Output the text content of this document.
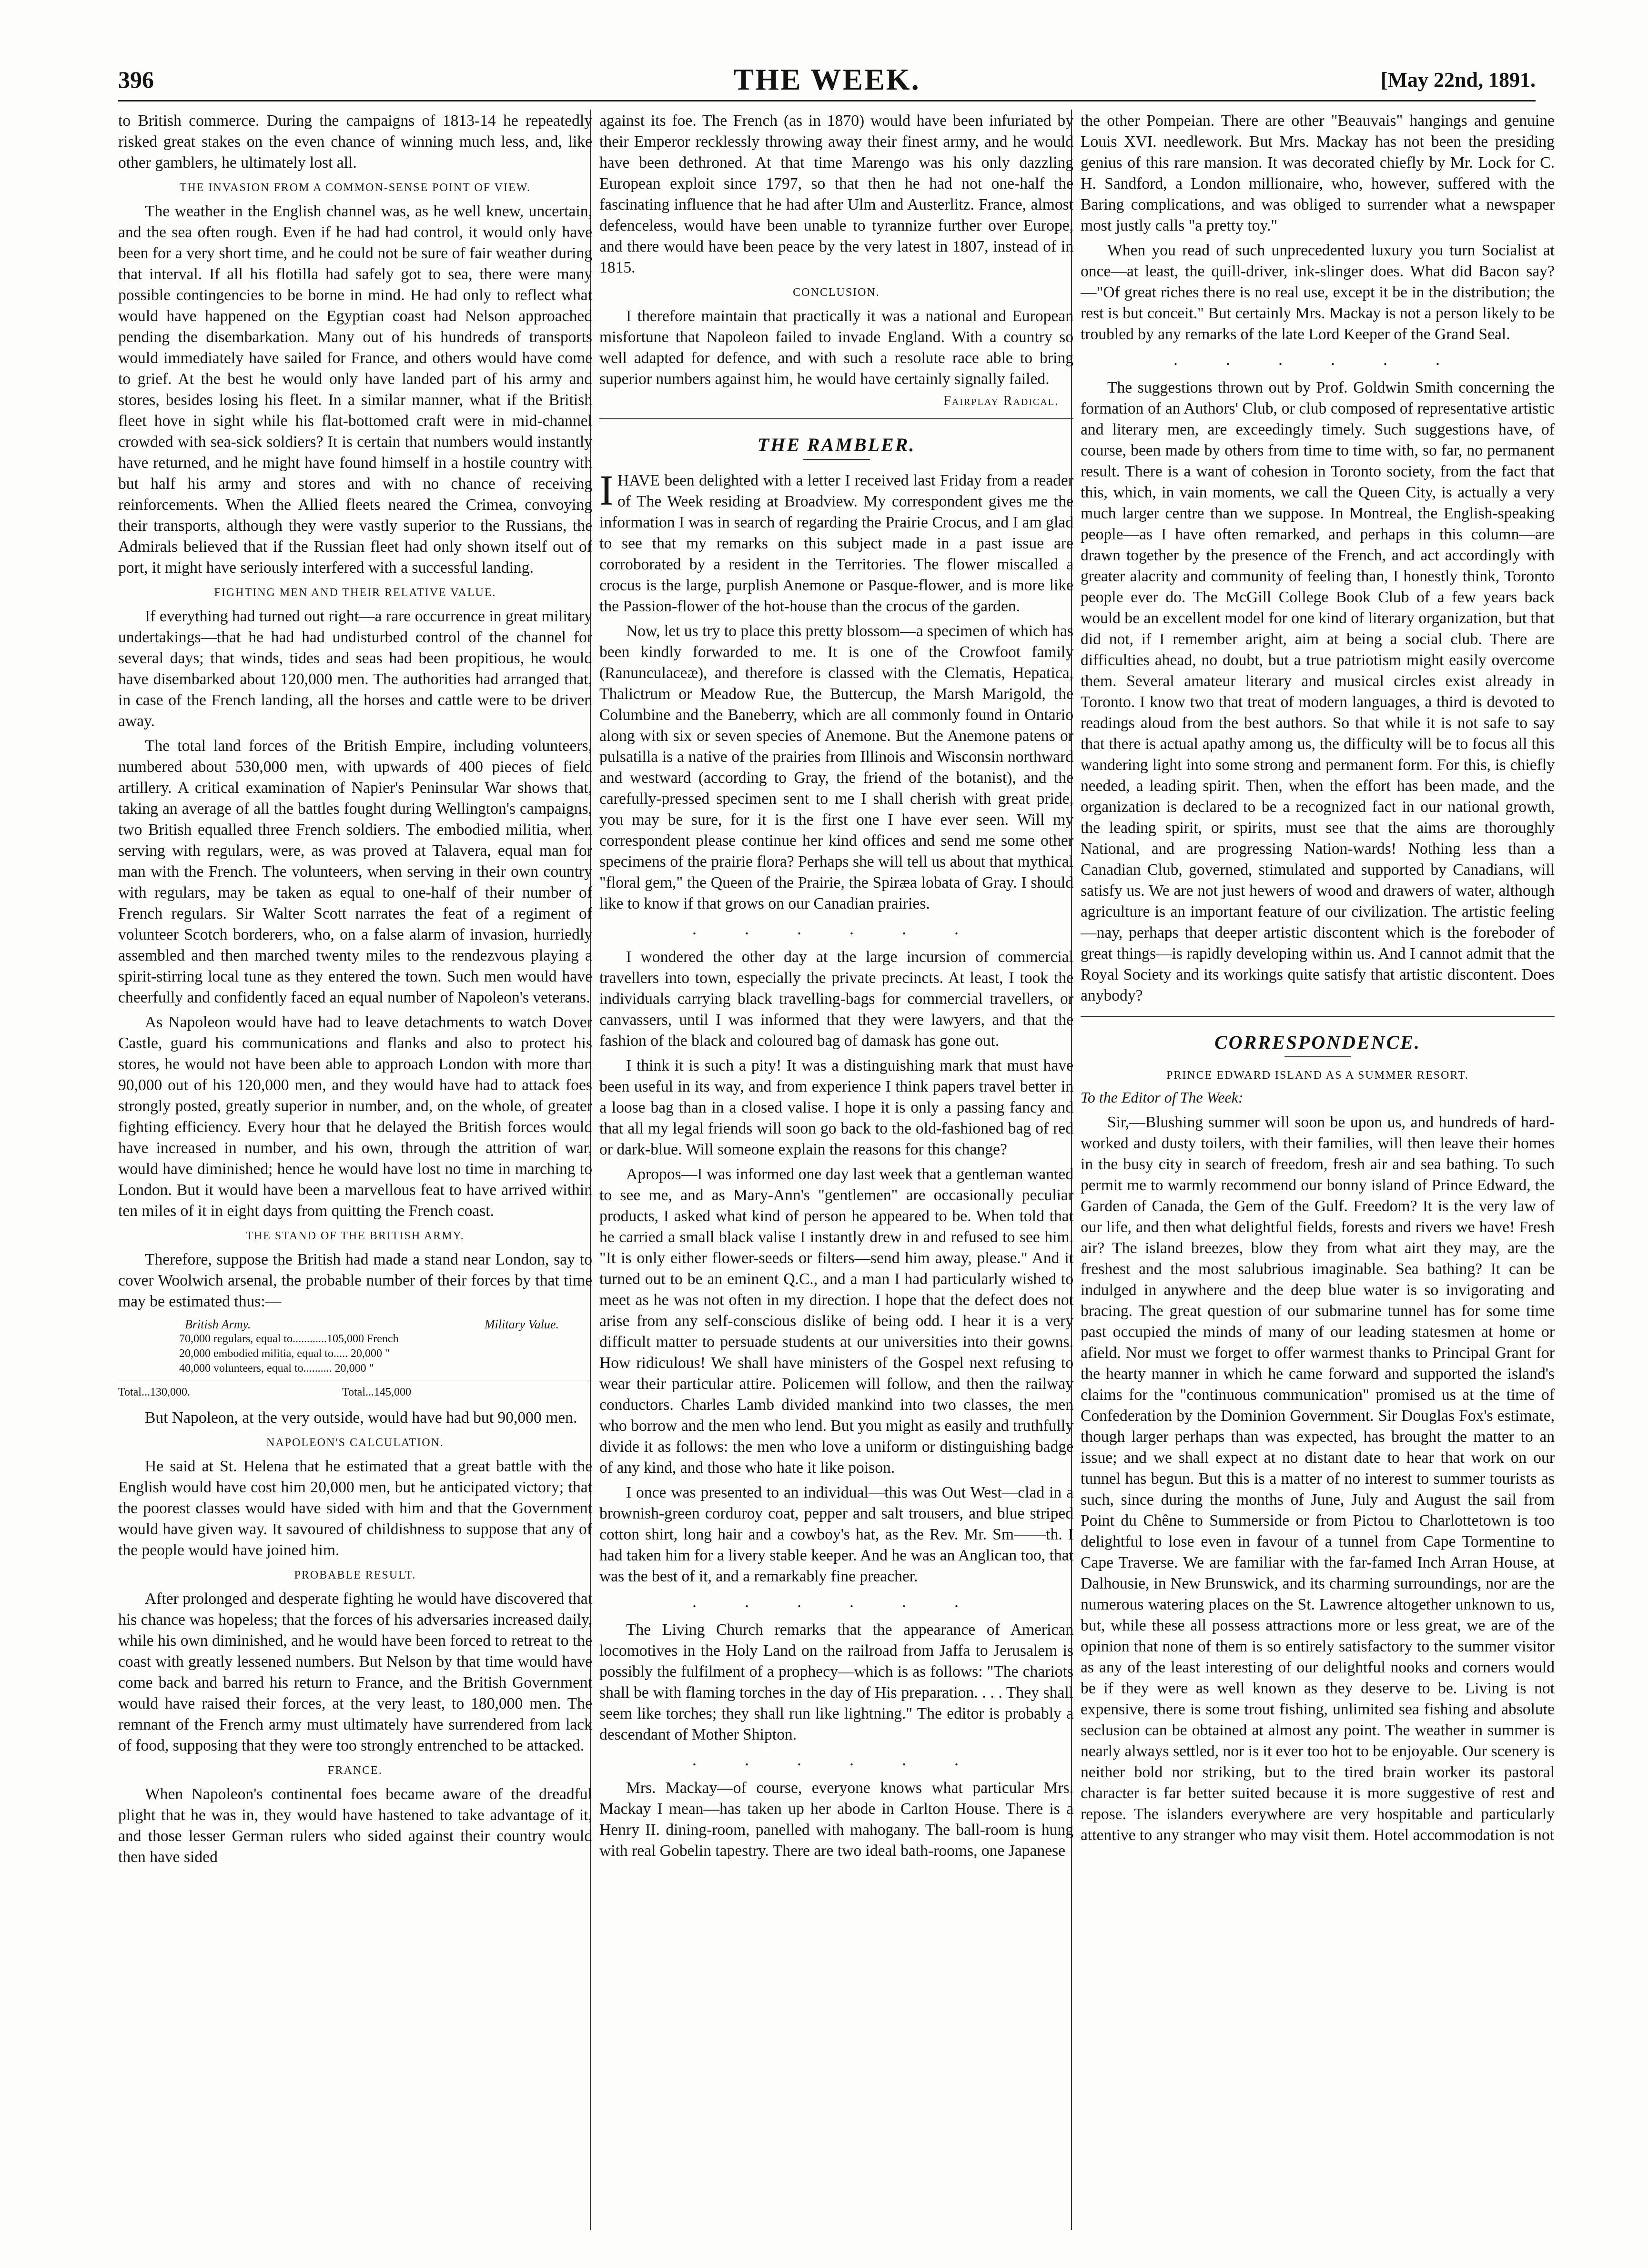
396	THE WEEK.	[May 22nd, 1891.

to British commerce. During the campaigns of 1813-14 he repeatedly risked great stakes on the even chance of winning much less, and, like other gamblers, he ultimately lost all.

THE INVASION FROM A COMMON-SENSE POINT OF VIEW.

The weather in the English channel was, as he well knew, uncertain, and the sea often rough. Even if he had had control, it would only have been for a very short time, and he could not be sure of fair weather during that interval. If all his flotilla had safely got to sea, there were many possible contingencies to be borne in mind. He had only to reflect what would have happened on the Egyptian coast had Nelson approached pending the disembarkation. Many out of his hundreds of transports would immediately have sailed for France, and others would have come to grief. At the best he would only have landed part of his army and stores, besides losing his fleet. In a similar manner, what if the British fleet hove in sight while his flat-bottomed craft were in mid-channel crowded with sea-sick soldiers? It is certain that numbers would instantly have returned, and he might have found himself in a hostile country with but half his army and stores and with no chance of receiving reinforcements. When the Allied fleets neared the Crimea, convoying their transports, although they were vastly superior to the Russians, the Admirals believed that if the Russian fleet had only shown itself out of port, it might have seriously interfered with a successful landing.

FIGHTING MEN AND THEIR RELATIVE VALUE.

If everything had turned out right—a rare occurrence in great military undertakings—that he had had undisturbed control of the channel for several days; that winds, tides and seas had been propitious, he would have disembarked about 120,000 men. The authorities had arranged that, in case of the French landing, all the horses and cattle were to be driven away.

The total land forces of the British Empire, including volunteers, numbered about 530,000 men, with upwards of 400 pieces of field artillery. A critical examination of Napier's Peninsular War shows that, taking an average of all the battles fought during Wellington's campaigns, two British equalled three French soldiers. The embodied militia, when serving with regulars, were, as was proved at Talavera, equal man for man with the French. The volunteers, when serving in their own country with regulars, may be taken as equal to one-half of their number of French regulars. Sir Walter Scott narrates the feat of a regiment of volunteer Scotch borderers, who, on a false alarm of invasion, hurriedly assembled and then marched twenty miles to the rendezvous playing a spirit-stirring local tune as they entered the town. Such men would have cheerfully and confidently faced an equal number of Napoleon's veterans.

As Napoleon would have had to leave detachments to watch Dover Castle, guard his communications and flanks and also to protect his stores, he would not have been able to approach London with more than 90,000 out of his 120,000 men, and they would have had to attack foes strongly posted, greatly superior in number, and, on the whole, of greater fighting efficiency. Every hour that he delayed the British forces would have increased in number, and his own, through the attrition of war, would have diminished; hence he would have lost no time in marching to London. But it would have been a marvellous feat to have arrived within ten miles of it in eight days from quitting the French coast.

THE STAND OF THE BRITISH ARMY.

Therefore, suppose the British had made a stand near London, say to cover Woolwich arsenal, the probable number of their forces by that time may be estimated thus:—

British Army.	Military Value.
70,000 regulars, equal to............105,000 French
20,000 embodied militia, equal to..... 20,000 "
40,000 volunteers, equal to.......... 20,000 "
Total...130,000.	Total...145,000

But Napoleon, at the very outside, would have had but 90,000 men.

NAPOLEON'S CALCULATION.

He said at St. Helena that he estimated that a great battle with the English would have cost him 20,000 men, but he anticipated victory; that the poorest classes would have sided with him and that the Government would have given way. It savoured of childishness to suppose that any of the people would have joined him.

PROBABLE RESULT.

After prolonged and desperate fighting he would have discovered that his chance was hopeless; that the forces of his adversaries increased daily, while his own diminished, and he would have been forced to retreat to the coast with greatly lessened numbers. But Nelson by that time would have come back and barred his return to France, and the British Government would have raised their forces, at the very least, to 180,000 men. The remnant of the French army must ultimately have surrendered from lack of food, supposing that they were too strongly entrenched to be attacked.

FRANCE.

When Napoleon's continental foes became aware of the dreadful plight that he was in, they would have hastened to take advantage of it, and those lesser German rulers who sided against their country would then have sided

against its foe. The French (as in 1870) would have been infuriated by their Emperor recklessly throwing away their finest army, and he would have been dethroned. At that time Marengo was his only dazzling European exploit since 1797, so that then he had not one-half the fascinating influence that he had after Ulm and Austerlitz. France, almost defenceless, would have been unable to tyrannize further over Europe, and there would have been peace by the very latest in 1807, instead of in 1815.

CONCLUSION.

I therefore maintain that practically it was a national and European misfortune that Napoleon failed to invade England. With a country so well adapted for defence, and with such a resolute race able to bring superior numbers against him, he would have certainly signally failed.

Fairplay Radical.
THE RAMBLER.

IHAVE been delighted with a letter I received last Friday from a reader of The Week residing at Broadview. My correspondent gives me the information I was in search of regarding the Prairie Crocus, and I am glad to see that my remarks on this subject made in a past issue are corroborated by a resident in the Territories. The flower miscalled a crocus is the large, purplish Anemone or Pasque-flower, and is more like the Passion-flower of the hot-house than the crocus of the garden.

Now, let us try to place this pretty blossom—a specimen of which has been kindly forwarded to me. It is one of the Crowfoot family (Ranunculaceæ), and therefore is classed with the Clematis, Hepatica, Thalictrum or Meadow Rue, the Buttercup, the Marsh Marigold, the Columbine and the Baneberry, which are all commonly found in Ontario along with six or seven species of Anemone. But the Anemone patens or pulsatilla is a native of the prairies from Illinois and Wisconsin northward and westward (according to Gray, the friend of the botanist), and the carefully-pressed specimen sent to me I shall cherish with great pride, you may be sure, for it is the first one I have ever seen. Will my correspondent please continue her kind offices and send me some other specimens of the prairie flora? Perhaps she will tell us about that mythical "floral gem," the Queen of the Prairie, the Spiræa lobata of Gray. I should like to know if that grows on our Canadian prairies.

. . . . . .

I wondered the other day at the large incursion of commercial travellers into town, especially the private precincts. At least, I took the individuals carrying black travelling-bags for commercial travellers, or canvassers, until I was informed that they were lawyers, and that the fashion of the black and coloured bag of damask has gone out.

I think it is such a pity! It was a distinguishing mark that must have been useful in its way, and from experience I think papers travel better in a loose bag than in a closed valise. I hope it is only a passing fancy and that all my legal friends will soon go back to the old-fashioned bag of red or dark-blue. Will someone explain the reasons for this change?

Apropos—I was informed one day last week that a gentleman wanted to see me, and as Mary-Ann's "gentlemen" are occasionally peculiar products, I asked what kind of person he appeared to be. When told that he carried a small black valise I instantly drew in and refused to see him. "It is only either flower-seeds or filters—send him away, please." And it turned out to be an eminent Q.C., and a man I had particularly wished to meet as he was not often in my direction. I hope that the defect does not arise from any self-conscious dislike of being odd. I hear it is a very difficult matter to persuade students at our universities into their gowns. How ridiculous! We shall have ministers of the Gospel next refusing to wear their particular attire. Policemen will follow, and then the railway conductors. Charles Lamb divided mankind into two classes, the men who borrow and the men who lend. But you might as easily and truthfully divide it as follows: the men who love a uniform or distinguishing badge of any kind, and those who hate it like poison.

I once was presented to an individual—this was Out West—clad in a brownish-green corduroy coat, pepper and salt trousers, and blue striped cotton shirt, long hair and a cowboy's hat, as the Rev. Mr. Sm——th. I had taken him for a livery stable keeper. And he was an Anglican too, that was the best of it, and a remarkably fine preacher.

. . . . . .

The Living Church remarks that the appearance of American locomotives in the Holy Land on the railroad from Jaffa to Jerusalem is possibly the fulfilment of a prophecy—which is as follows: "The chariots shall be with flaming torches in the day of His preparation. . . . They shall seem like torches; they shall run like lightning." The editor is probably a descendant of Mother Shipton.

. . . . . .

Mrs. Mackay—of course, everyone knows what particular Mrs. Mackay I mean—has taken up her abode in Carlton House. There is a Henry II. dining-room, panelled with mahogany. The ball-room is hung with real Gobelin tapestry. There are two ideal bath-rooms, one Japanese

the other Pompeian. There are other "Beauvais" hangings and genuine Louis XVI. needlework. But Mrs. Mackay has not been the presiding genius of this rare mansion. It was decorated chiefly by Mr. Lock for C. H. Sandford, a London millionaire, who, however, suffered with the Baring complications, and was obliged to surrender what a newspaper most justly calls "a pretty toy."

When you read of such unprecedented luxury you turn Socialist at once—at least, the quill-driver, ink-slinger does. What did Bacon say?—"Of great riches there is no real use, except it be in the distribution; the rest is but conceit." But certainly Mrs. Mackay is not a person likely to be troubled by any remarks of the late Lord Keeper of the Grand Seal.

. . . . . .

The suggestions thrown out by Prof. Goldwin Smith concerning the formation of an Authors' Club, or club composed of representative artistic and literary men, are exceedingly timely. Such suggestions have, of course, been made by others from time to time with, so far, no permanent result. There is a want of cohesion in Toronto society, from the fact that this, which, in vain moments, we call the Queen City, is actually a very much larger centre than we suppose. In Montreal, the English-speaking people—as I have often remarked, and perhaps in this column—are drawn together by the presence of the French, and act accordingly with greater alacrity and community of feeling than, I honestly think, Toronto people ever do. The McGill College Book Club of a few years back would be an excellent model for one kind of literary organization, but that did not, if I remember aright, aim at being a social club. There are difficulties ahead, no doubt, but a true patriotism might easily overcome them. Several amateur literary and musical circles exist already in Toronto. I know two that treat of modern languages, a third is devoted to readings aloud from the best authors. So that while it is not safe to say that there is actual apathy among us, the difficulty will be to focus all this wandering light into some strong and permanent form. For this, is chiefly needed, a leading spirit. Then, when the effort has been made, and the organization is declared to be a recognized fact in our national growth, the leading spirit, or spirits, must see that the aims are thoroughly National, and are progressing Nation-wards! Nothing less than a Canadian Club, governed, stimulated and supported by Canadians, will satisfy us. We are not just hewers of wood and drawers of water, although agriculture is an important feature of our civilization. The artistic feeling—nay, perhaps that deeper artistic discontent which is the foreboder of great things—is rapidly developing within us. And I cannot admit that the Royal Society and its workings quite satisfy that artistic discontent. Does anybody?

CORRESPONDENCE.
PRINCE EDWARD ISLAND AS A SUMMER RESORT.
To the Editor of The Week:

Sir,—Blushing summer will soon be upon us, and hundreds of hard-worked and dusty toilers, with their families, will then leave their homes in the busy city in search of freedom, fresh air and sea bathing. To such permit me to warmly recommend our bonny island of Prince Edward, the Garden of Canada, the Gem of the Gulf. Freedom? It is the very law of our life, and then what delightful fields, forests and rivers we have! Fresh air? The island breezes, blow they from what airt they may, are the freshest and the most salubrious imaginable. Sea bathing? It can be indulged in anywhere and the deep blue water is so invigorating and bracing. The great question of our submarine tunnel has for some time past occupied the minds of many of our leading statesmen at home or afield. Nor must we forget to offer warmest thanks to Principal Grant for the hearty manner in which he came forward and supported the island's claims for the "continuous communication" promised us at the time of Confederation by the Dominion Government. Sir Douglas Fox's estimate, though larger perhaps than was expected, has brought the matter to an issue; and we shall expect at no distant date to hear that work on our tunnel has begun. But this is a matter of no interest to summer tourists as such, since during the months of June, July and August the sail from Point du Chêne to Summerside or from Pictou to Charlottetown is too delightful to lose even in favour of a tunnel from Cape Tormentine to Cape Traverse. We are familiar with the far-famed Inch Arran House, at Dalhousie, in New Brunswick, and its charming surroundings, nor are the numerous watering places on the St. Lawrence altogether unknown to us, but, while these all possess attractions more or less great, we are of the opinion that none of them is so entirely satisfactory to the summer visitor as any of the least interesting of our delightful nooks and corners would be if they were as well known as they deserve to be. Living is not expensive, there is some trout fishing, unlimited sea fishing and absolute seclusion can be obtained at almost any point. The weather in summer is nearly always settled, nor is it ever too hot to be enjoyable. Our scenery is neither bold nor striking, but to the tired brain worker its pastoral character is far better suited because it is more suggestive of rest and repose. The islanders everywhere are very hospitable and particularly attentive to any stranger who may visit them. Hotel accommodation is not
